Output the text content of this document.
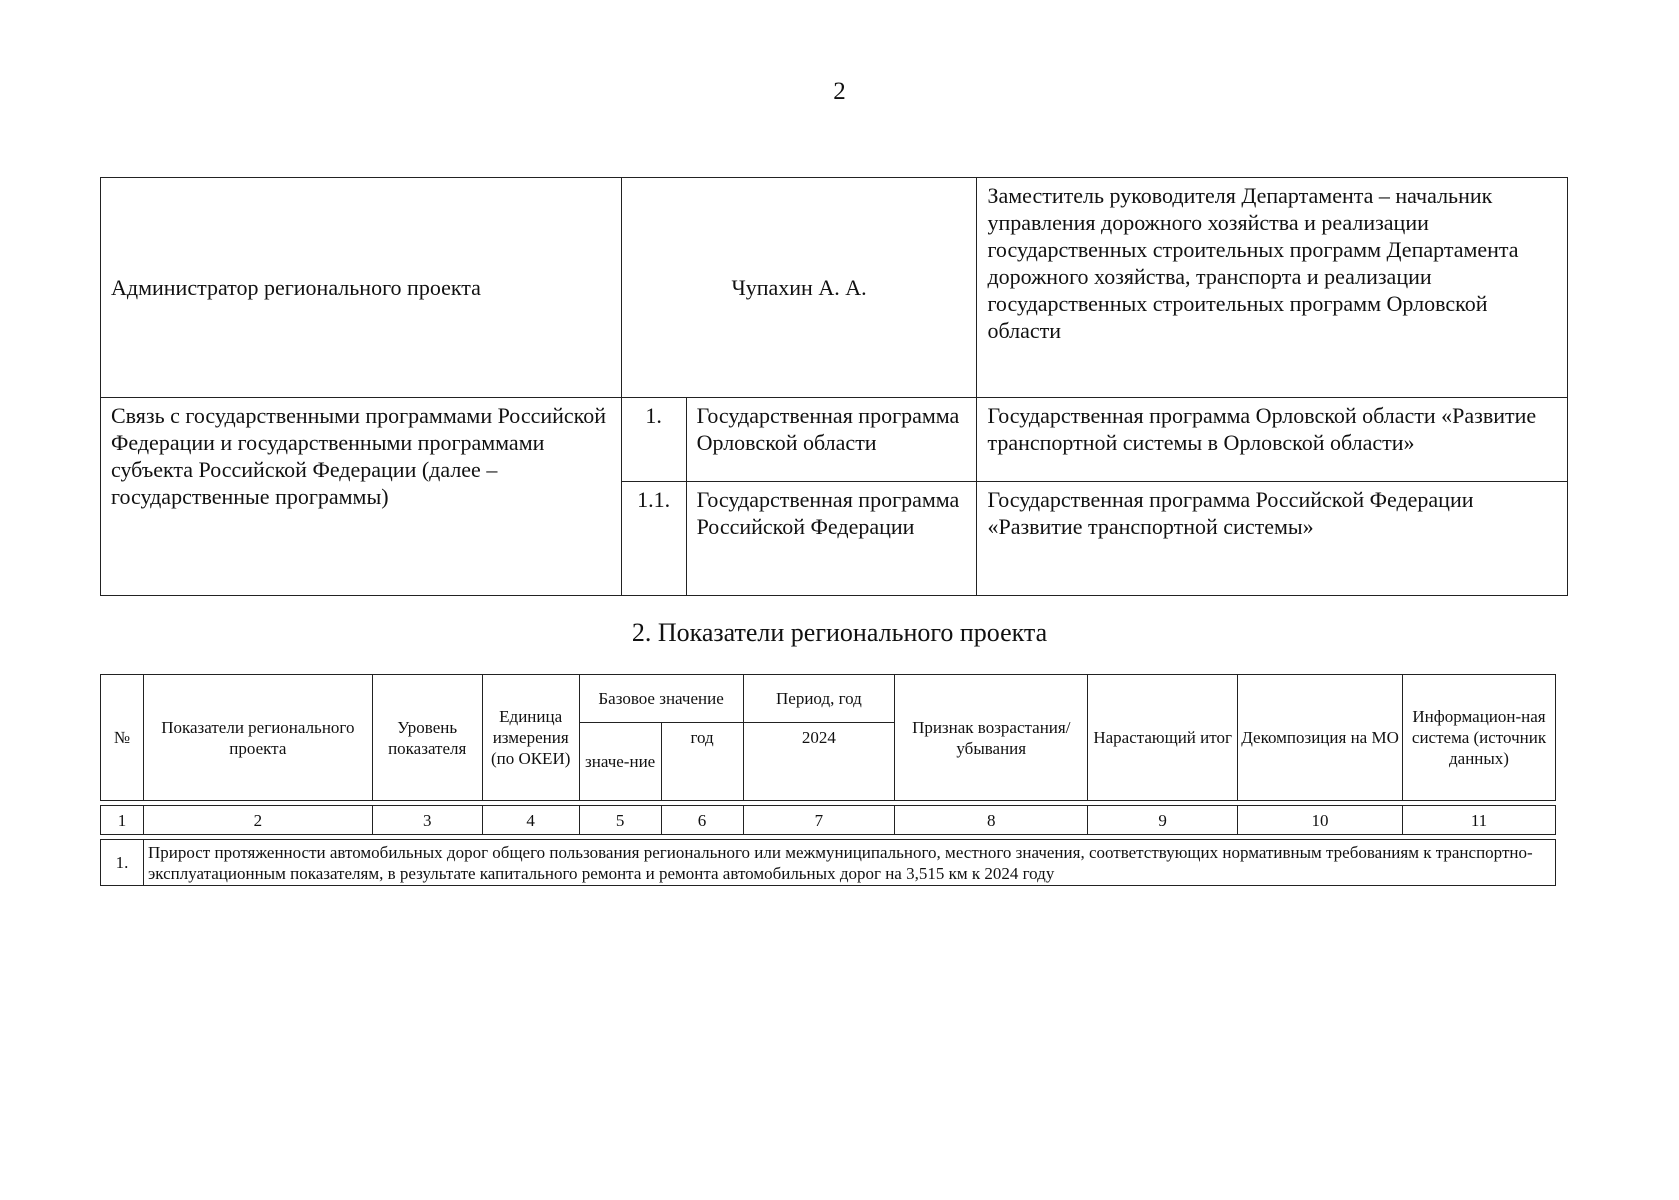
2
Администратор регионального проекта	Чупахин А. А.		Заместитель руководителя Департамента – начальник управления дорожного хозяйства и реализации государственных строительных программ Департамента дорожного хозяйства, транспорта и реализации государственных строительных программ Орловской области
Связь с государственными программами Российской Федерации и государственными программами субъекта Российской Федерации (далее – государственные программы)	1.	Государственная программа Орловской области	Государственная программа Орловской области «Развитие транспортной системы в Орловской области»
	1.1.	Государственная программа Российской Федерации	Государственная программа Российской Федерации «Развитие транспортной системы»
2. Показатели регионального проекта
№	Показатели регионального проекта	Уровень показателя	Единица измерения (по ОКЕИ)	Базовое значение		Период, год	Признак возрастания/ убывания	Нарастающий итог	Декомпозиция на МО	Информацион-ная система (источник данных)
				значе-ние	год	2024				

1	2	3	4	5	6	7	8	9	10	11

1.	Прирост протяженности автомобильных дорог общего пользования регионального или межмуниципального, местного значения, соответствующих нормативным требованиям к транспортно-эксплуатационным показателям, в результате капитального ремонта и ремонта автомобильных дорог на 3,515 км к 2024 году									
